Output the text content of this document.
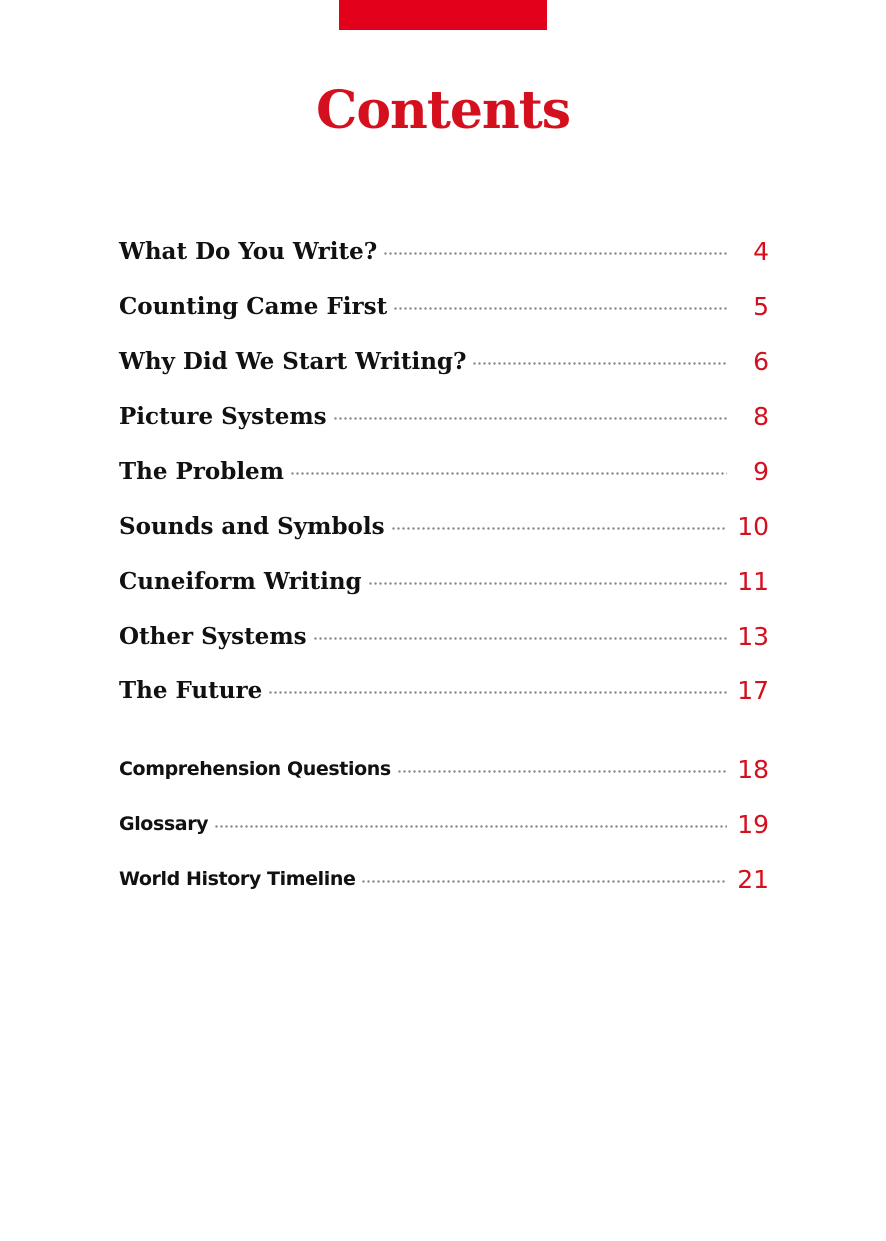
Contents
What Do You Write?	4
Counting Came First	5
Why Did We Start Writing?	6
Picture Systems	8
The Problem	9
Sounds and Symbols	10
Cuneiform Writing	11
Other Systems	13
The Future	17
Comprehension Questions	18
Glossary	19
World History Timeline	21
